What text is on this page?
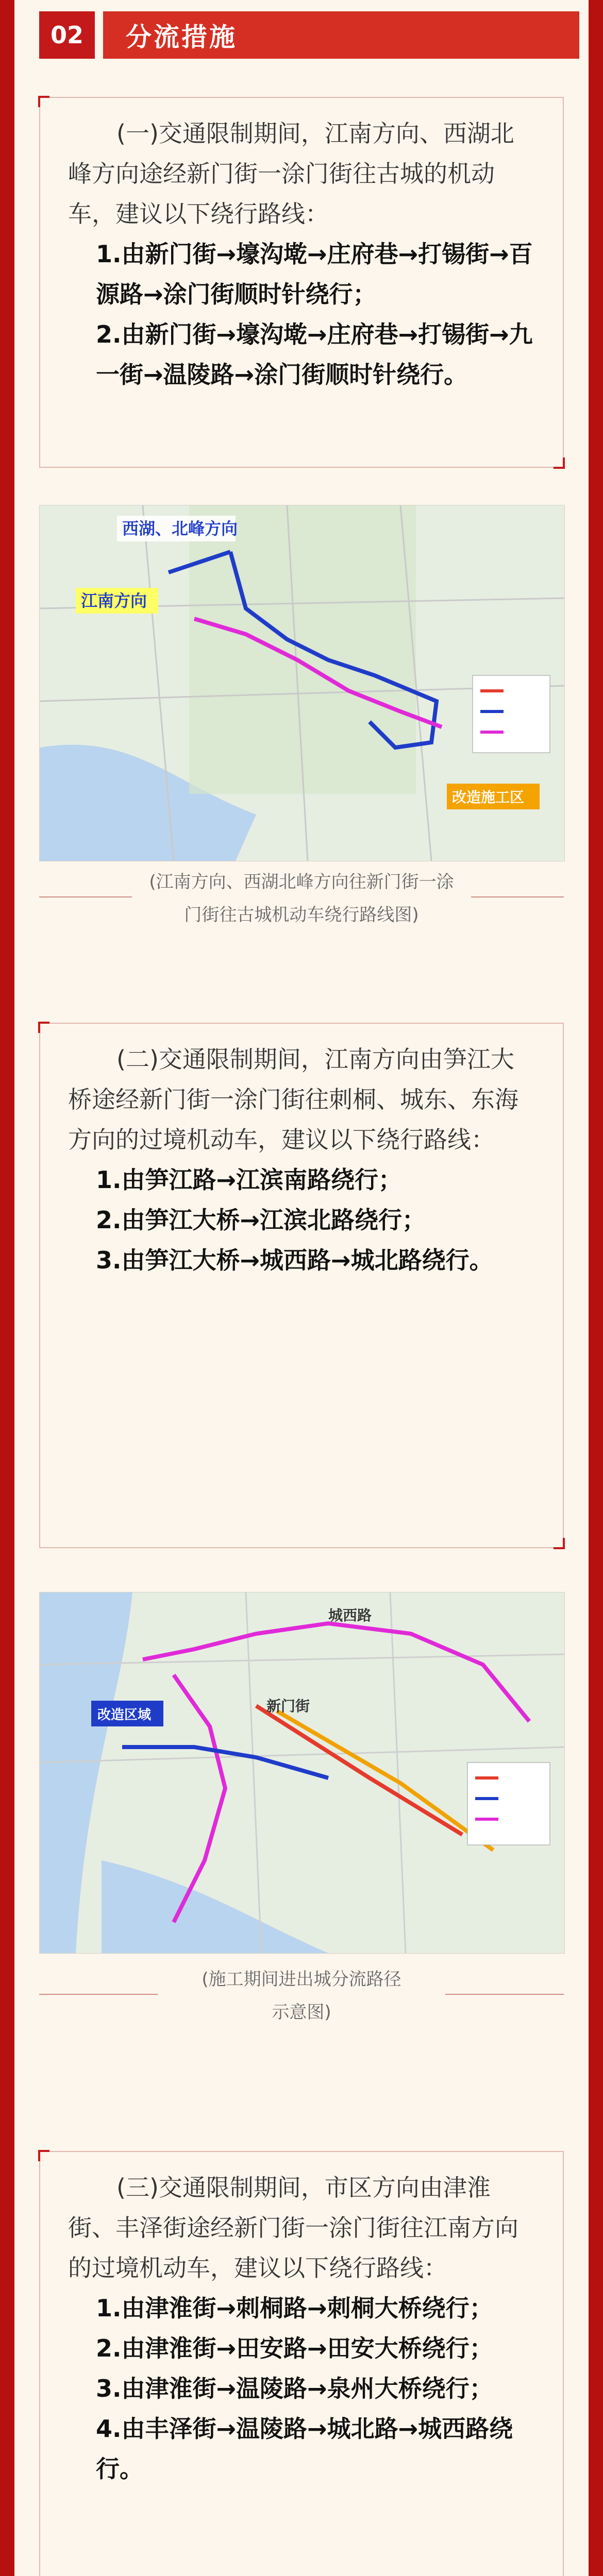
02	分流措施

(一)交通限制期间，江南方向、西湖北峰方向途经新门街一涂门街往古城的机动车，建议以下绕行路线：

1.由新门街→壕沟墘→庄府巷→打锡街→百源路→涂门街顺时针绕行；

2.由新门街→壕沟墘→庄府巷→打锡街→九一街→温陵路→涂门街顺时针绕行。

西湖、北峰方向
江南方向
改造施工区
(江南方向、西湖北峰方向往新门街一涂门街往古城机动车绕行路线图)

(二)交通限制期间，江南方向由笋江大桥途经新门街一涂门街往刺桐、城东、东海方向的过境机动车，建议以下绕行路线：

1.由笋江路→江滨南路绕行；

2.由笋江大桥→江滨北路绕行；

3.由笋江大桥→城西路→城北路绕行。

城西路
新门街
改造区域
(施工期间进出城分流路径示意图)

(三)交通限制期间，市区方向由津淮街、丰泽街途经新门街一涂门街往江南方向的过境机动车，建议以下绕行路线：

1.由津淮街→刺桐路→刺桐大桥绕行；

2.由津淮街→田安路→田安大桥绕行；

3.由津淮街→温陵路→泉州大桥绕行；

4.由丰泽街→温陵路→城北路→城西路绕行。
